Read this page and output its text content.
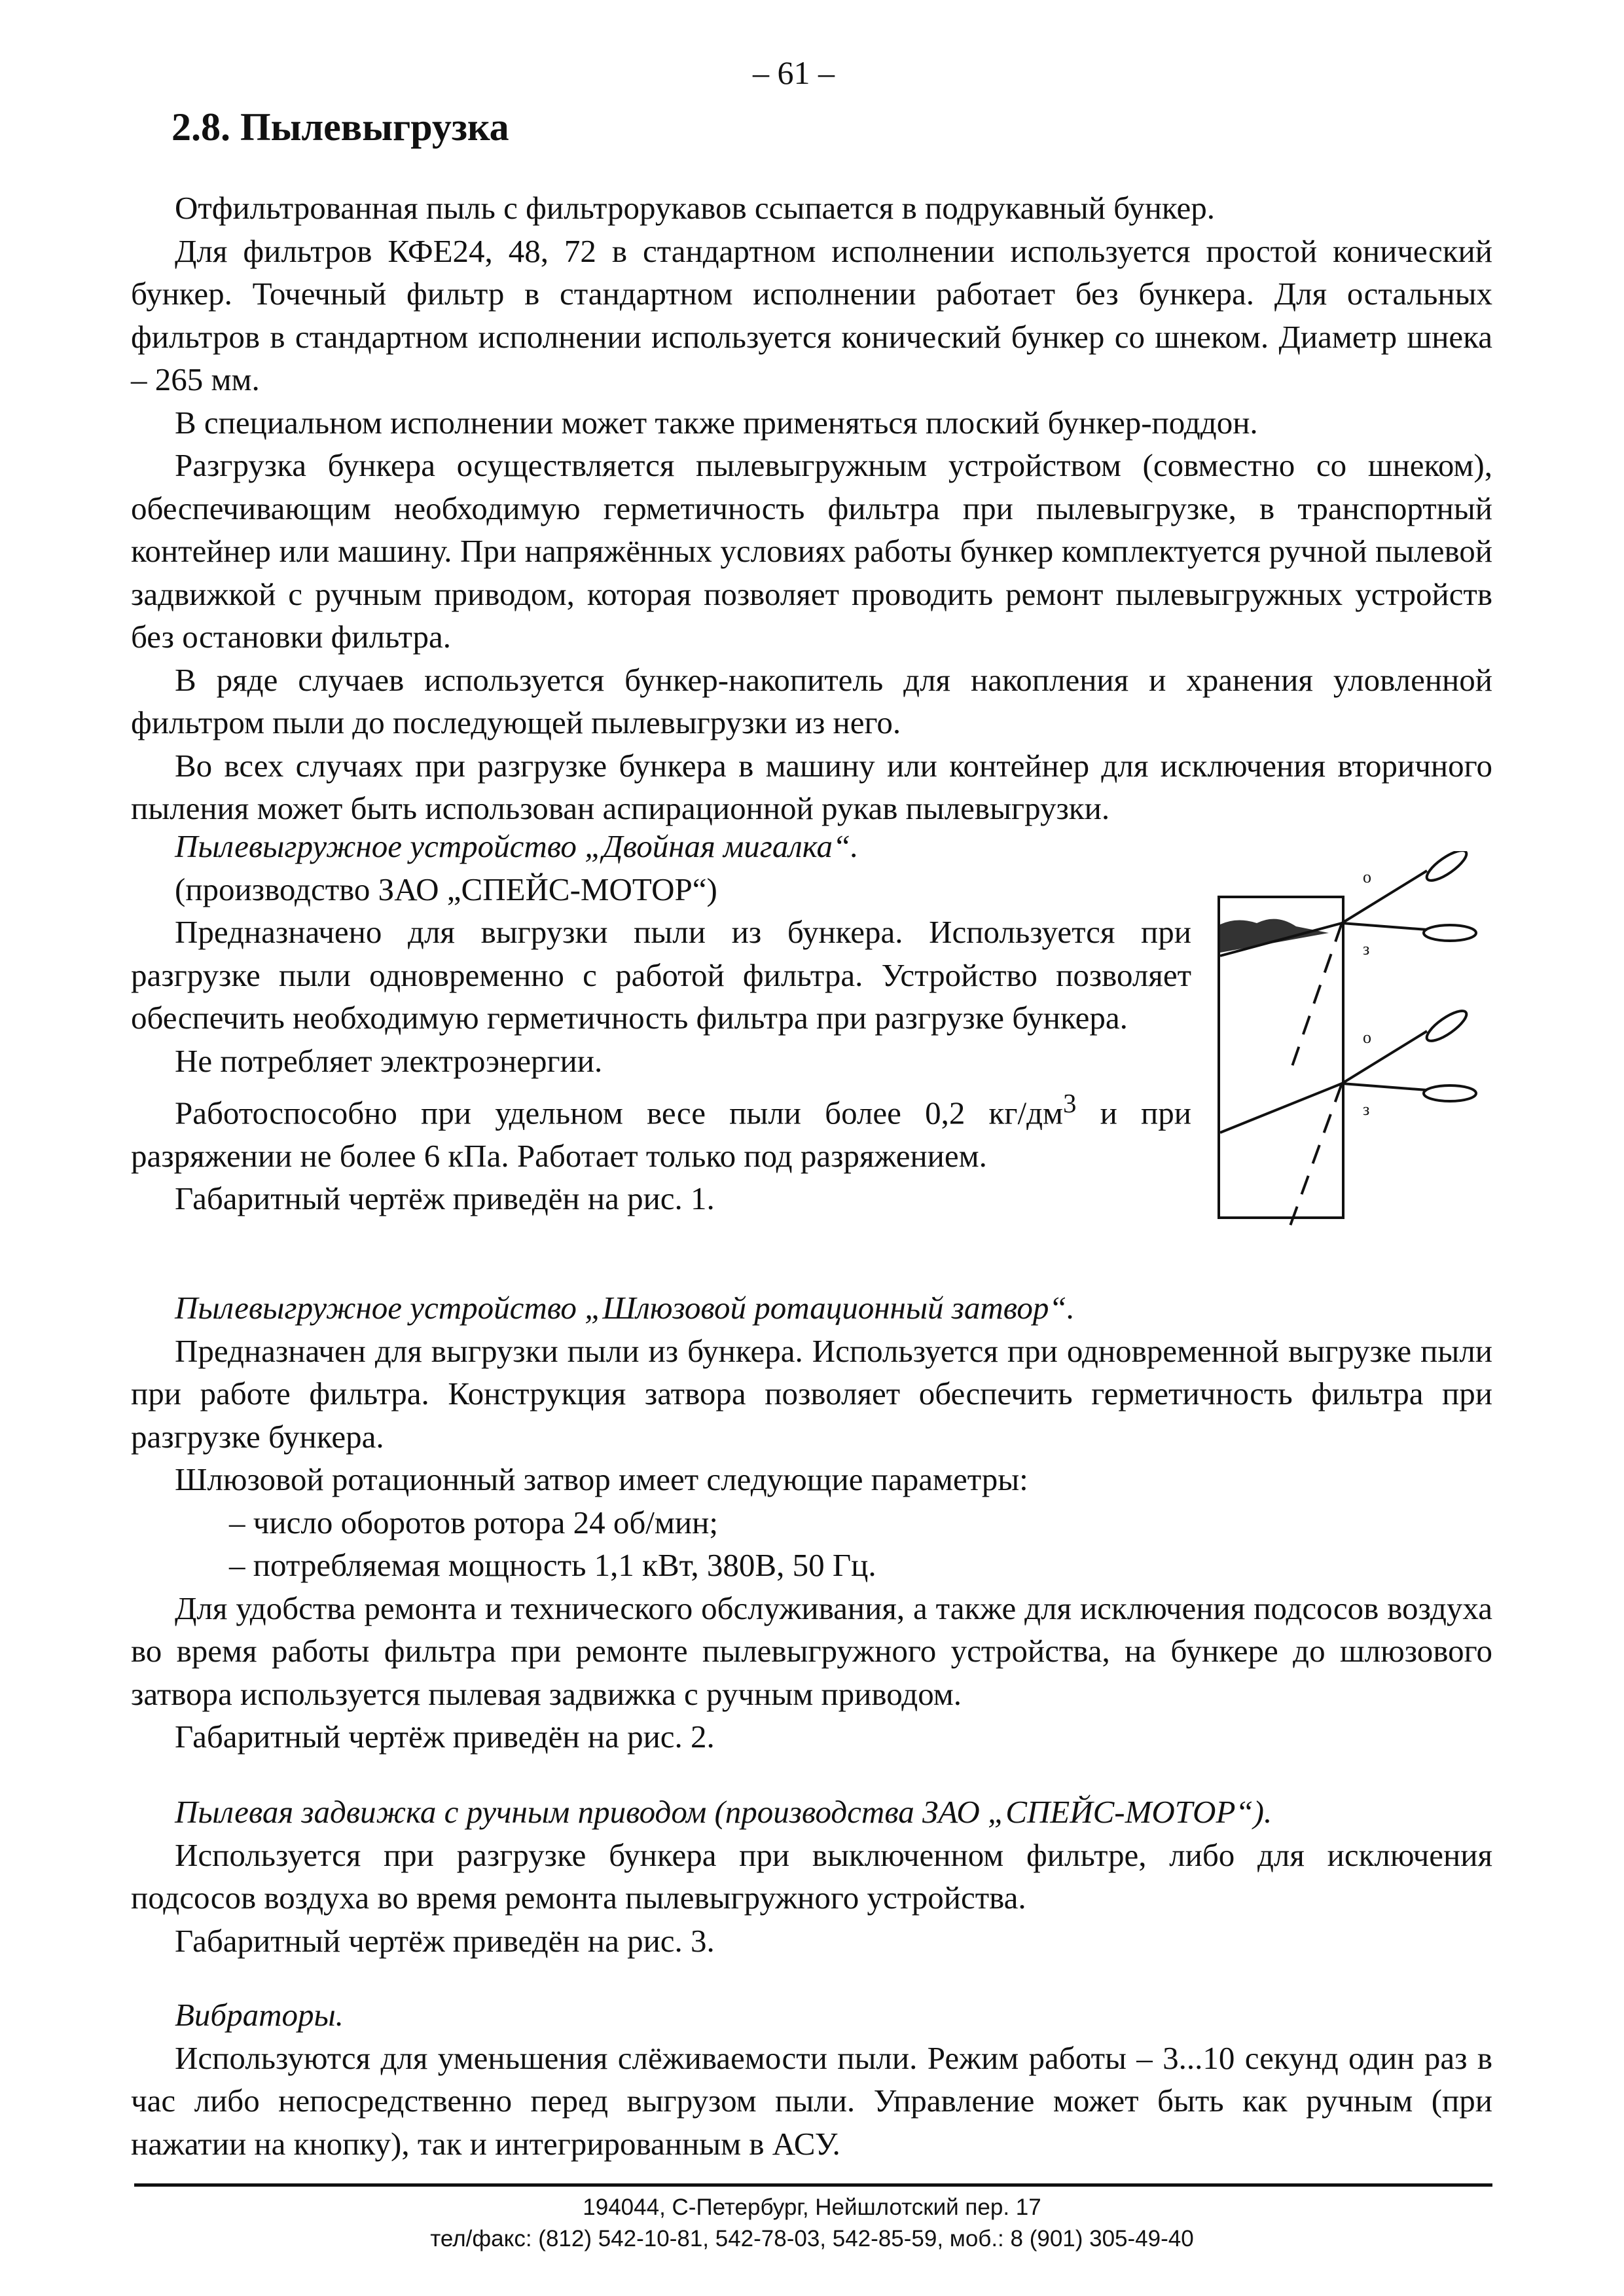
– 61 –
2.8. Пылевыгрузка

Отфильтрованная пыль с фильтрорукавов ссыпается в подрукавный бункер.

Для фильтров КФЕ24, 48, 72 в стандартном исполнении используется простой конический бункер. Точечный фильтр в стандартном исполнении работает без бункера. Для остальных фильтров в стандартном исполнении используется конический бункер со шнеком. Диаметр шнека – 265 мм.

В специальном исполнении может также применяться плоский бункер-поддон.

Разгрузка бункера осуществляется пылевыгружным устройством (совместно со шнеком), обеспечивающим необходимую герметичность фильтра при пылевыгрузке, в транспортный контейнер или машину. При напряжённых условиях работы бункер комплектуется ручной пылевой задвижкой с ручным приводом, которая позволяет проводить ремонт пылевыгружных устройств без остановки фильтра.

В ряде случаев используется бункер-накопитель для накопления и хранения уловленной фильтром пыли до последующей пылевыгрузки из него.

Во всех случаях при разгрузке бункера в машину или контейнер для исключения вторичного пыления может быть использован аспирационной рукав пылевыгрузки.

Пылевыгружное устройство „Двойная мигалка“.

(производство ЗАО „СПЕЙС-МОТОР“)

Предназначено для выгрузки пыли из бункера. Используется при разгрузке пыли одновременно с работой фильтра. Устройство позволяет обеспечить необходимую герметичность фильтра при разгрузке бункера.

Не потребляет электроэнергии.

Работоспособно при удельном весе пыли более 0,2 $кг/дм^3$ и при разряжении не более 6 кПа. Работает только под разряжением.

Габаритный чертёж приведён на рис. 1.

о
з
о
з

Пылевыгружное устройство „Шлюзовой ротационный затвор“.

Предназначен для выгрузки пыли из бункера. Используется при одновременной выгрузке пыли при работе фильтра. Конструкция затвора позволяет обеспечить герметичность фильтра при разгрузке бункера.

Шлюзовой ротационный затвор имеет следующие параметры:

– число оборотов ротора 24 об/мин;

– потребляемая мощность 1,1 кВт, 380В, 50 Гц.

Для удобства ремонта и технического обслуживания, а также для исключения подсосов воздуха во время работы фильтра при ремонте пылевыгружного устройства, на бункере до шлюзового затвора используется пылевая задвижка с ручным приводом.

Габаритный чертёж приведён на рис. 2.

Пылевая задвижка с ручным приводом (производства ЗАО „СПЕЙС-МОТОР“).

Используется при разгрузке бункера при выключенном фильтре, либо для исключения подсосов воздуха во время ремонта пылевыгружного устройства.

Габаритный чертёж приведён на рис. 3.

Вибраторы.

Используются для уменьшения слёживаемости пыли. Режим работы – 3...10 секунд один раз в час либо непосредственно перед выгрузом пыли. Управление может быть как ручным (при нажатии на кнопку), так и интегрированным в АСУ.

194044, С-Петербург, Нейшлотский пер. 17
тел/факс: (812) 542-10-81, 542-78-03, 542-85-59, моб.: 8 (901) 305-49-40
